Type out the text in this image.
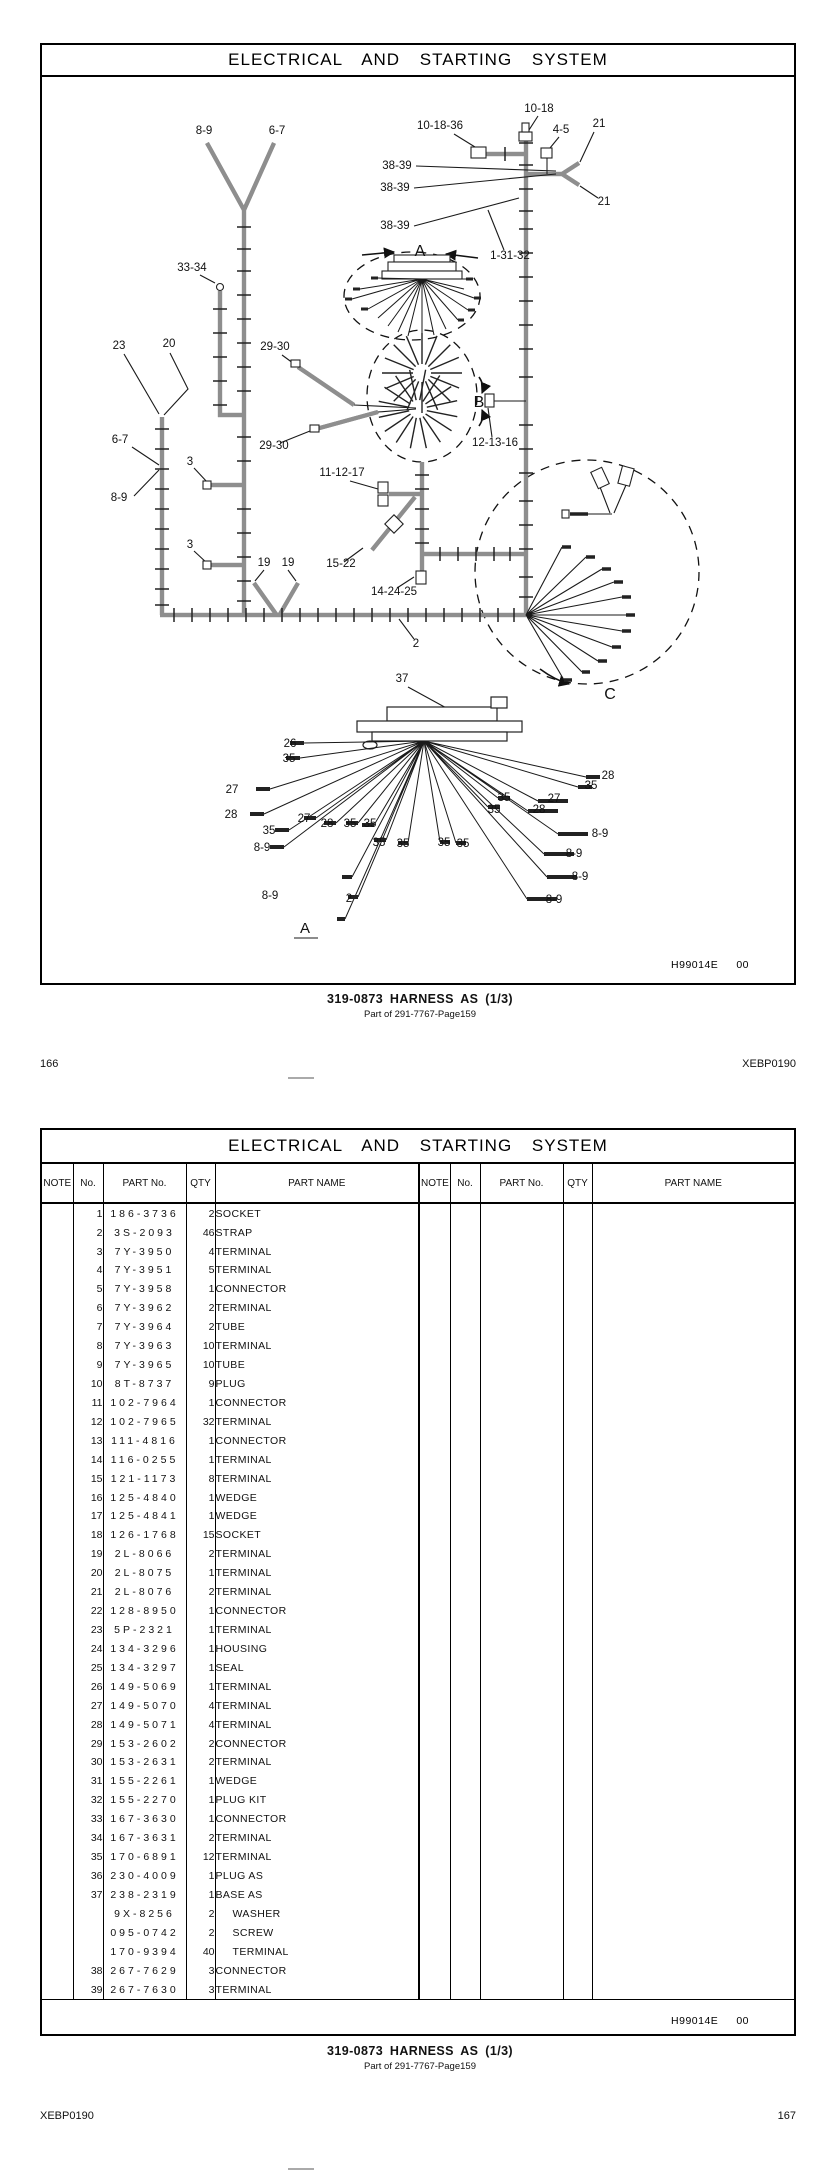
ELECTRICAL AND STARTING SYSTEM
8-9	6-7	10-18-36
10-18
4-5 21
21
38-39
38-39
38-39
1-31-32
33-34
29-30
29-30
23	20
6-7
8-9
3
3
19 19
11-12-17
12-13-16
15-22
14-24-25
2
37
A
B
C
26
35
27
28
35
8-9
27 28 35 35
35 35 35 35
35
35	27
28
28
35
8-9
8-9
8-9
8-9
8-9	2
A
H99014E 00
319-0873 HARNESS AS (1/3)
Part of 291-7767-Page159
166	XEBP0190
ELECTRICAL AND STARTING SYSTEM
NOTE	No.	PART No.	QTY	PART NAME
	1	186-3736	2	SOCKET
	2	3S-2093	46	STRAP
	3	7Y-3950	4	TERMINAL
	4	7Y-3951	5	TERMINAL
	5	7Y-3958	1	CONNECTOR
	6	7Y-3962	2	TERMINAL
	7	7Y-3964	2	TUBE
	8	7Y-3963	10	TERMINAL
	9	7Y-3965	10	TUBE
	10	8T-8737	9	PLUG
	11	102-7964	1	CONNECTOR
	12	102-7965	32	TERMINAL
	13	111-4816	1	CONNECTOR
	14	116-0255	1	TERMINAL
	15	121-1173	8	TERMINAL
	16	125-4840	1	WEDGE
	17	125-4841	1	WEDGE
	18	126-1768	15	SOCKET
	19	2L-8066	2	TERMINAL
	20	2L-8075	1	TERMINAL
	21	2L-8076	2	TERMINAL
	22	128-8950	1	CONNECTOR
	23	5P-2321	1	TERMINAL
	24	134-3296	1	HOUSING
	25	134-3297	1	SEAL
	26	149-5069	1	TERMINAL
	27	149-5070	4	TERMINAL
	28	149-5071	4	TERMINAL
	29	153-2602	2	CONNECTOR
	30	153-2631	2	TERMINAL
	31	155-2261	1	WEDGE
	32	155-2270	1	PLUG KIT
	33	167-3630	1	CONNECTOR
	34	167-3631	2	TERMINAL
	35	170-6891	12	TERMINAL
	36	230-4009	1	PLUG AS
	37	238-2319	1	BASE AS
		9X-8256	2	WASHER
		095-0742	2	SCREW
		170-9394	40	TERMINAL
	38	267-7629	3	CONNECTOR
	39	267-7630	3	TERMINAL

NOTE	No.	PART No.	QTY	PART NAME

H99014E 00
319-0873 HARNESS AS (1/3)
Part of 291-7767-Page159
XEBP0190	167
